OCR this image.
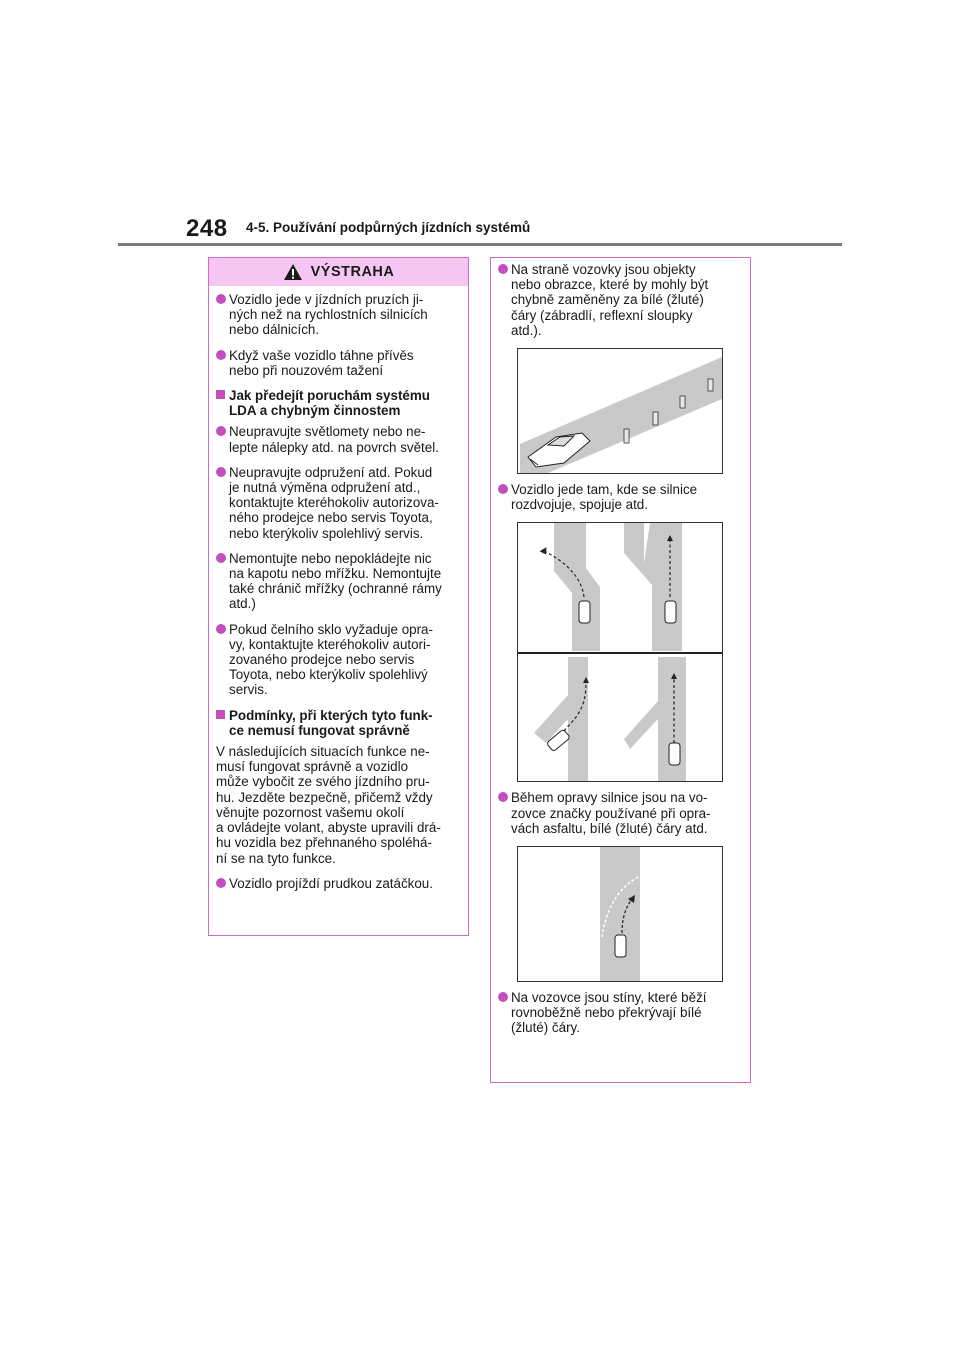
248 4-5. Používání podpůrných jízdních systémů
VÝSTRAHA
Vozidlo jede v jízdních pruzích ji-
ných než na rychlostních silnicích
nebo dálnicích.
Když vaše vozidlo táhne přívěs
nebo při nouzovém tažení
Jak předejít poruchám systému
LDA a chybným činnostem
Neupravujte světlomety nebo ne-
lepte nálepky atd. na povrch světel.
Neupravujte odpružení atd. Pokud
je nutná výměna odpružení atd.,
kontaktujte kteréhokoliv autorizova-
ného prodejce nebo servis Toyota,
nebo kterýkoliv spolehlivý servis.
Nemontujte nebo nepokládejte nic
na kapotu nebo mřížku. Nemontujte
také chránič mřížky (ochranné rámy
atd.)
Pokud čelního sklo vyžaduje opra-
vy, kontaktujte kteréhokoliv autori-
zovaného prodejce nebo servis
Toyota, nebo kterýkoliv spolehlivý
servis.
Podmínky, při kterých tyto funk-
ce nemusí fungovat správně
V následujících situacích funkce ne-
musí fungovat správně a vozidlo
může vybočit ze svého jízdního pru-
hu. Jezděte bezpečně, přičemž vždy
věnujte pozornost vašemu okolí
a ovládejte volant, abyste upravili drá-
hu vozidla bez přehnaného spoléhá-
ní se na tyto funkce.
Vozidlo projíždí prudkou zatáčkou.
Na straně vozovky jsou objekty
nebo obrazce, které by mohly být
chybně zaměněny za bílé (žluté)
čáry (zábradlí, reflexní sloupky
atd.).
Vozidlo jede tam, kde se silnice
rozdvojuje, spojuje atd.
Během opravy silnice jsou na vo-
zovce značky používané při opra-
vách asfaltu, bílé (žluté) čáry atd.
Na vozovce jsou stíny, které běží
rovnoběžně nebo překrývají bílé
(žluté) čáry.
